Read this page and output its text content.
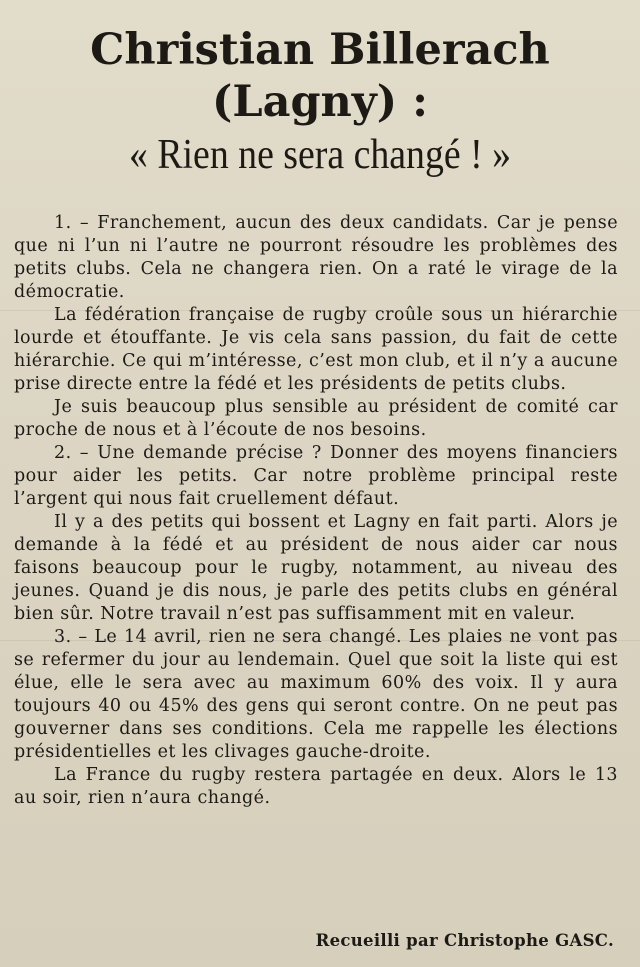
Christian Billerach
(Lagny) :
« Rien ne sera changé ! »

1. – Franchement, aucun des deux candidats. Car je pense que ni l’un ni l’autre ne pourront résoudre les problèmes des petits clubs. Cela ne changera rien. On a raté le virage de la démocratie.

La fédération française de rugby croûle sous un hiérarchie lourde et étouffante. Je vis cela sans passion, du fait de cette hiérarchie. Ce qui m’intéresse, c’est mon club, et il n’y a aucune prise directe entre la fédé et les présidents de petits clubs.

Je suis beaucoup plus sensible au président de comité car proche de nous et à l’écoute de nos besoins.

2. – Une demande précise ? Donner des moyens financiers pour aider les petits. Car notre problème principal reste l’argent qui nous fait cruellement défaut.

Il y a des petits qui bossent et Lagny en fait parti. Alors je demande à la fédé et au président de nous aider car nous faisons beaucoup pour le rugby, notamment, au niveau des jeunes. Quand je dis nous, je parle des petits clubs en général bien sûr. Notre travail n’est pas suffisamment mit en valeur.

3. – Le 14 avril, rien ne sera changé. Les plaies ne vont pas se refermer du jour au lendemain. Quel que soit la liste qui est élue, elle le sera avec au maximum 60% des voix. Il y aura toujours 40 ou 45% des gens qui seront contre. On ne peut pas gouverner dans ses conditions. Cela me rappelle les élections présidentielles et les clivages gauche-droite.

La France du rugby restera partagée en deux. Alors le 13 au soir, rien n’aura changé.

Recueilli par Christophe GASC.
